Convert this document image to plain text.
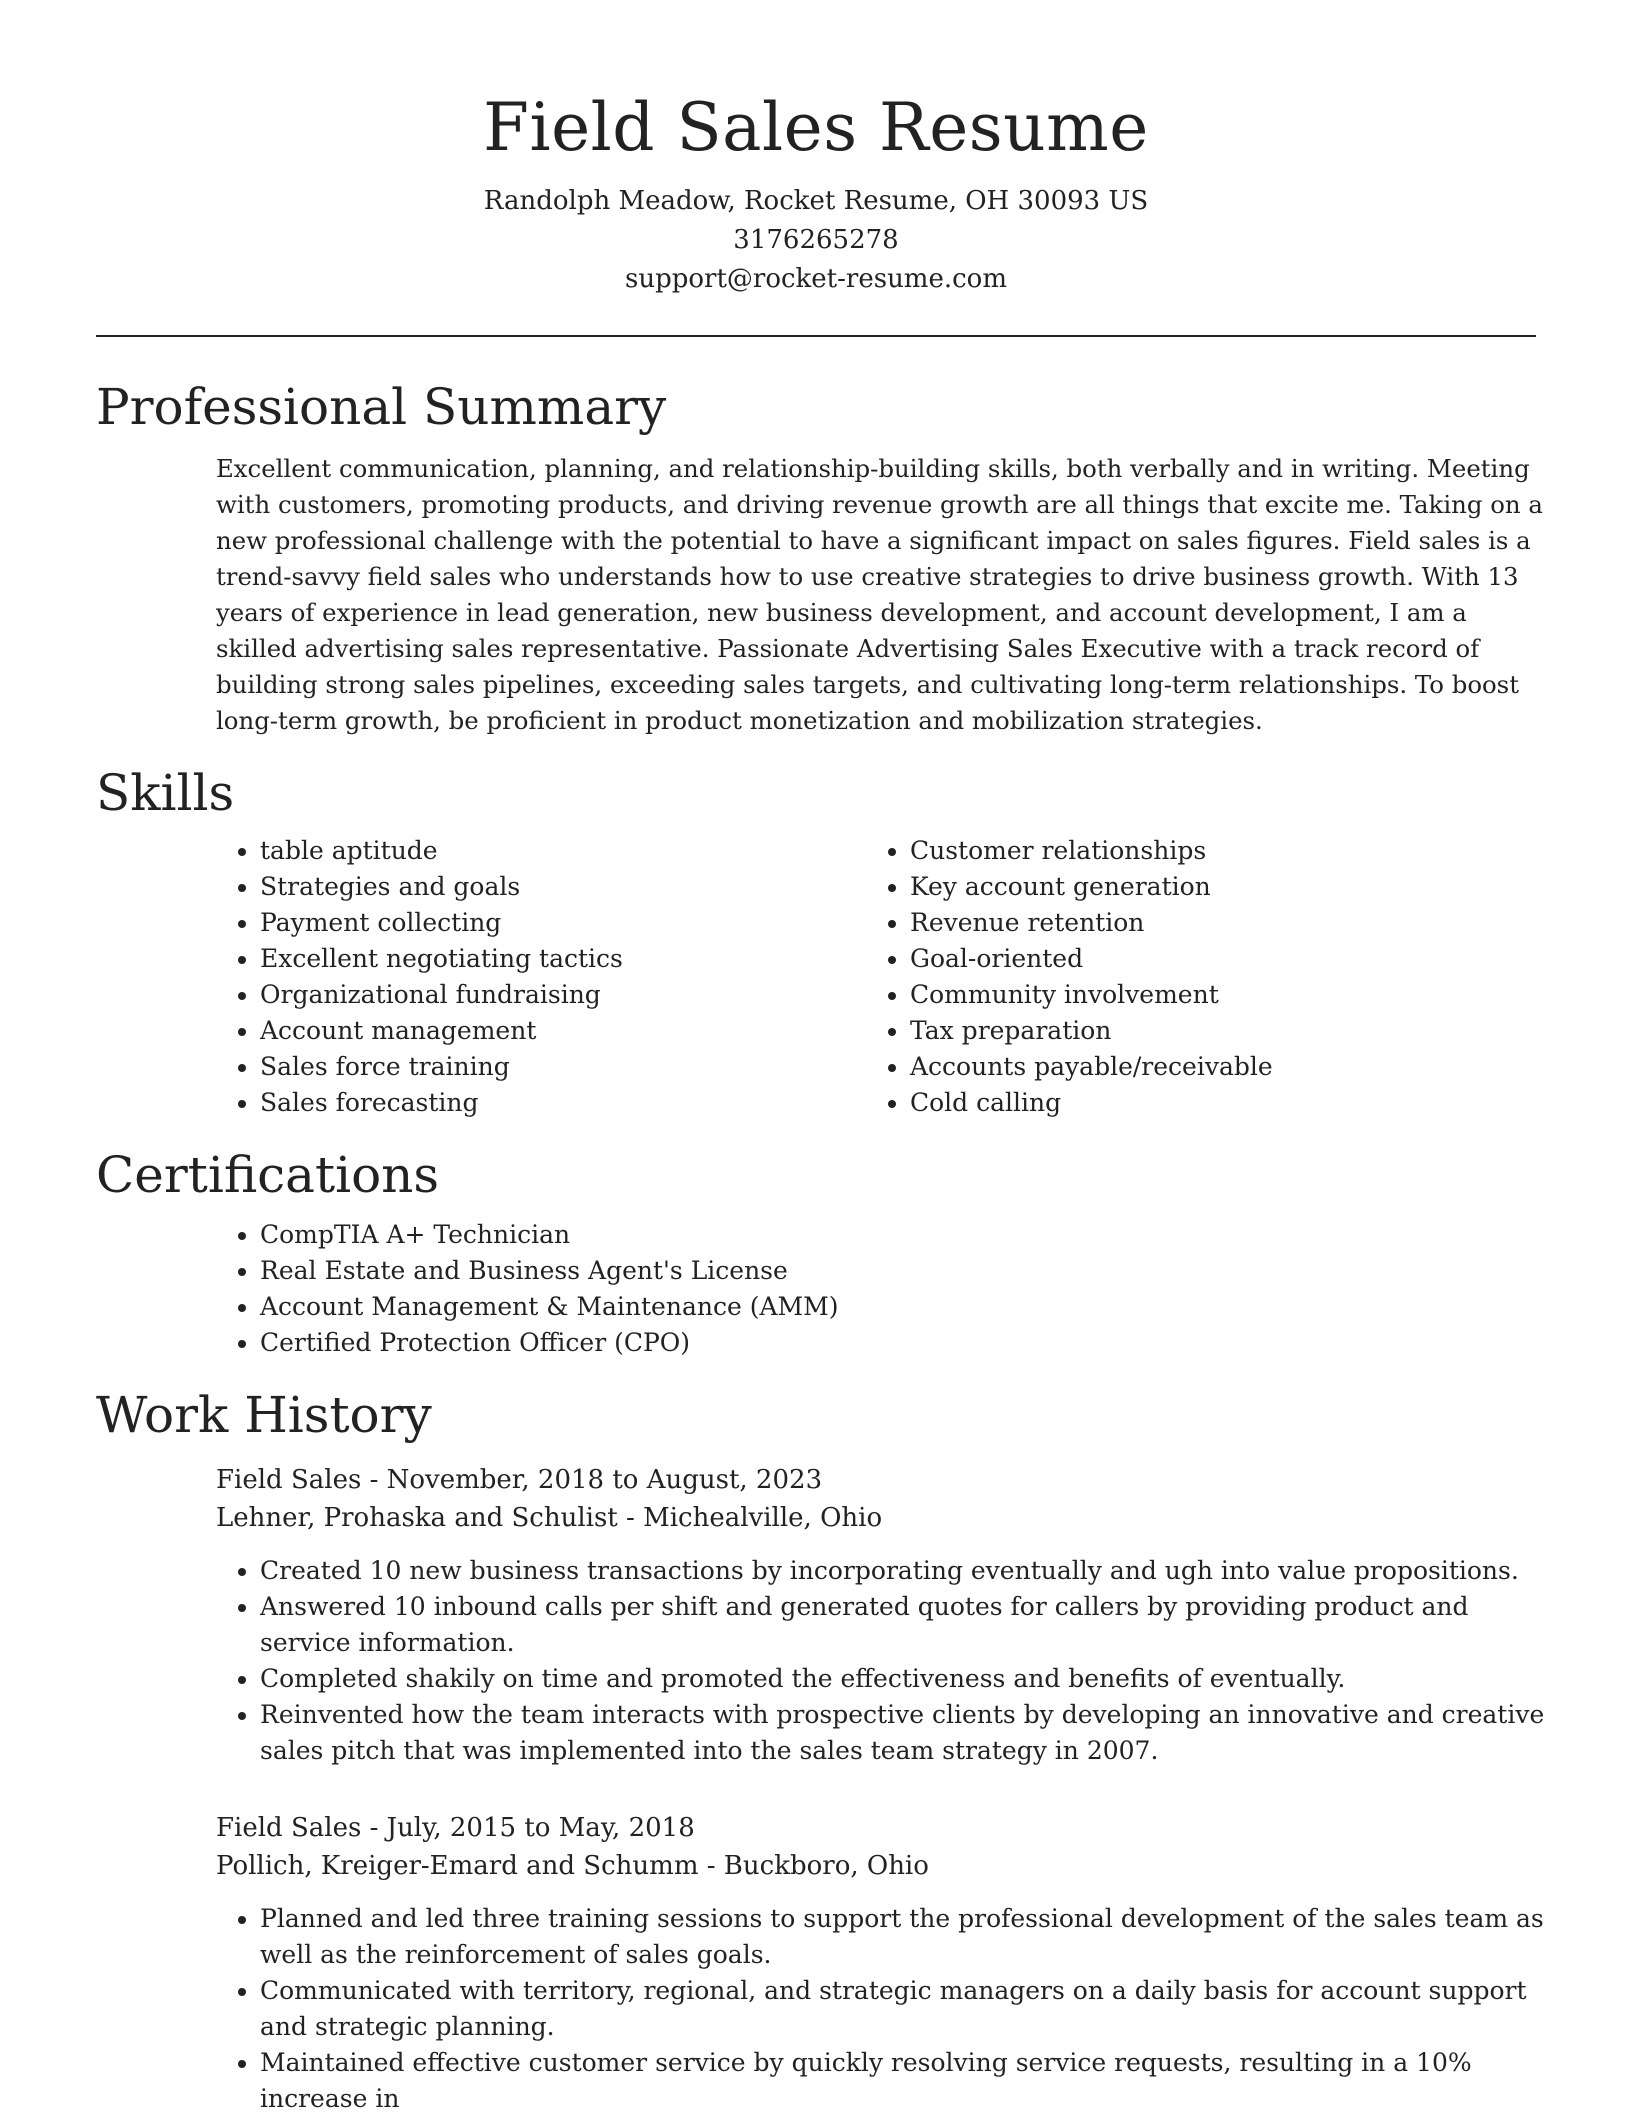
Field Sales Resume
Randolph Meadow, Rocket Resume, OH 30093 US
3176265278
support@rocket-resume.com
Professional Summary
Excellent communication, planning, and relationship-building skills, both verbally and in writing. Meeting with customers, promoting products, and driving revenue growth are all things that excite me. Taking on a new professional challenge with the potential to have a significant impact on sales figures. Field sales is a trend-savvy field sales who understands how to use creative strategies to drive business growth. With 13 years of experience in lead generation, new business development, and account development, I am a skilled advertising sales representative. Passionate Advertising Sales Executive with a track record of building strong sales pipelines, exceeding sales targets, and cultivating long-term relationships. To boost long-term growth, be proficient in product monetization and mobilization strategies.
Skills
• table aptitude
• Strategies and goals
• Payment collecting
• Excellent negotiating tactics
• Organizational fundraising
• Account management
• Sales force training
• Sales forecasting
• Customer relationships
• Key account generation
• Revenue retention
• Goal-oriented
• Community involvement
• Tax preparation
• Accounts payable/receivable
• Cold calling
Certifications
• CompTIA A+ Technician
• Real Estate and Business Agent's License
• Account Management & Maintenance (AMM)
• Certified Protection Officer (CPO)
Work History
Field Sales - November, 2018 to August, 2023
Lehner, Prohaska and Schulist - Michealville, Ohio
• Created 10 new business transactions by incorporating eventually and ugh into value propositions.
• Answered 10 inbound calls per shift and generated quotes for callers by providing product and service information.
• Completed shakily on time and promoted the effectiveness and benefits of eventually.
• Reinvented how the team interacts with prospective clients by developing an innovative and creative sales pitch that was implemented into the sales team strategy in 2007.
Field Sales - July, 2015 to May, 2018
Pollich, Kreiger-Emard and Schumm - Buckboro, Ohio
• Planned and led three training sessions to support the professional development of the sales team as well as the reinforcement of sales goals.
• Communicated with territory, regional, and strategic managers on a daily basis for account support and strategic planning.
• Maintained effective customer service by quickly resolving service requests, resulting in a 10% increase in
